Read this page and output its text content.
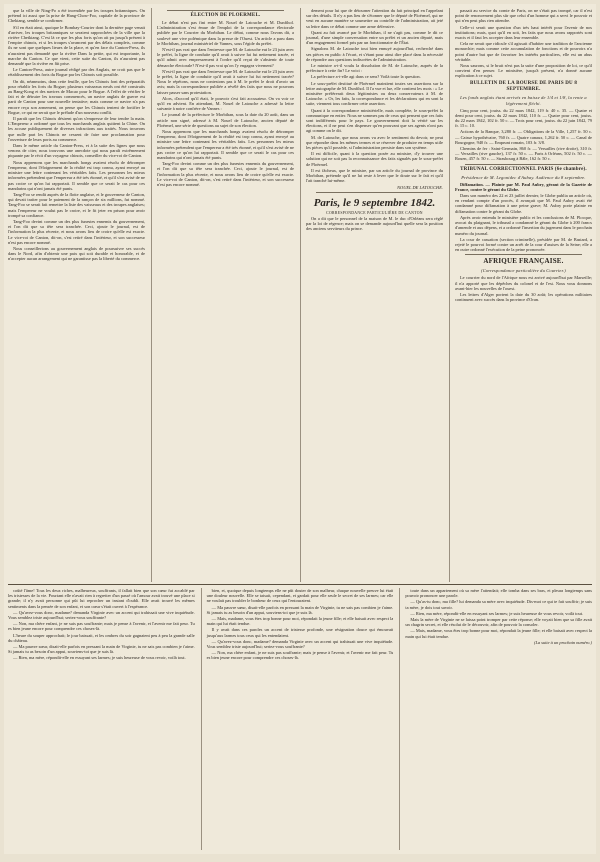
que la ville de Ning-Po a été incendiée par les troupes britanniques. On prétend ici aussi que la prise de Hang-Chow-Foo, capitale de la province de Chekiang, semble se confirmer.

S'il en était ainsi, quoique le Bombay-Courier dont la dernière page venait d'arriver, les troupes britanniques se seraient rapprochées de la ville que la rivière Chetkiang. C'est là ce que les plus forts qu'on ait pu jusqu'à présent à l'empire chinois, et si les troupes s'avancent par des délais complets, comme ils ne sont que quelques lieues de la place, et qu'en face du Canton-Press, ils n'auraient pas demandé que la rivière Dans la petite, qui est importante, la marche du Canton. Ce que vient, cette suite du Canton, ils n'auraient pas demandé que la rivière en fût prise.

Le Canton-Press, autre journal rédigé par des Anglais, ne croit pas que le rétablissement des forts du Bogue par les Chinois soit possible.

On dit, néanmoins, dans cette feuille, que les Chinois font des préparatifs pour rétablir les forts du Bogue; plusieurs vaisseaux neufs ont été construits au Bang-Kong et des navires de Macao pour le Bogue. A l'effet de vérifier le fait et de détruire les travaux commencés, un navire anglais de guerre est parti de Canton pour une nouvelle tentative; mais comme ce navire n'a pas encore reçu son armement, on pense que les Chinois tentent de fortifier le Bogue, ce qui ne serait que le prélude d'un nouveau conflit.

Il paraît que les Chinois désirent qu'on s'empresse de leur tendre la main. L'Empereur a ordonné que tous les marchands anglais quittent la Chine. On les accuse publiquement de diverses infractions aux traités. Nous trouvons que nulle part les Chinois ne cessent de faire une proclamation pour l'ouverture de leurs ports au commerce.

Dans le même article du Canton-Press, et à la suite des lignes que nous venons de citer, nous trouvons une anecdote qui nous paraît extrêmement piquante par le récit d'un voyageur chinois, conseiller du vice-roi de Canton.

Nous apprenons que les marchands hongs avaient résolu de détromper l'empereur, dont l'éloignement de la réalité est trop connu, ayant envoyé au ministre une lettre contenant les véritables faits. Les personnes les mieux informées prétendent que l'empereur a été très étonné, et qu'il s'est avisé de ne pas croire ce qu'on lui rapportait. Il semble que ce serait le cas pour ces mandarins qui n'ont jamais été punis.

Tang-Foo se rendit auprès de la flotte anglaise, et le gouverneur de Canton, qui devait traiter pour le paiement de la rançon de six millions, fut nommé. Tang-Foo se serait fait remettre la liste des vaisseaux et des troupes anglaises; mais l'empereur ne voulut pas le croire, et le fit jeter en prison pour avoir trompé sa confiance.

Tang-Foo devint comme un des plus funestes ennemis du gouvernement, et l'on dit que sa tête sera tranchée. Ceci, ajoute le journal, est de l'information la plus récente, et nous avons lieu de croire qu'elle est exacte. Le vice-roi de Canton, dit-on, s'est retiré dans l'intérieur, et son successeur n'est pas encore nommé.

Nous conseillerions au gouvernement anglais de poursuivre ses succès dans le Nord, afin d'obtenir une paix qui soit durable et honorable, et de n'accepter aucun arrangement qui ne garantisse pas la liberté du commerce.

ÉLECTION DE PLOERMEL.

Le débat n'est pas fini entre M. Nouel de Latouche et M. Dunfihol. L'administration s'est émue de l'emploi de la correspondance électorale publiée par le Courrier du Morbihan. Le débat, comme nous l'avons dit, a soulevé une vive polémique dans la presse de l'Ouest. Un article a paru dans le Morbihan, journal ministériel de Vannes, sous l'égide du préfet.

N'est-il pas vrai que dans l'entrevue que M. de Latouche eut le 23 juin avec le préfet, la ligne de conduite qu'il avait à suivre lui fut nettement tracée, et qu'il admit avec empressement à l'ordre qu'il reçut de s'abstenir de toute démarche électorale? N'est-il pas vrai qu'on l'y engagea vivement?

N'est-il pas vrai que dans l'entrevue que M. de Latouche eut le 23 juin avec le préfet, la ligne de conduite qu'il avait à suivre lui fut nettement tracée? Nous le répétons, nous ne contestons pas à M. le préfet le droit d'avoir un avis; mais la correspondance publiée a révélé des faits que nous ne pouvons laisser passer sans protestation.

Alors, d'accord qu'il était, le pouvoir s'est fait accusateur. On va voir ce qu'il en advient. En attendant, M. Nouel de Latouche a adressé la lettre suivante à notre confrère de Vannes :

Le journal de la préfecture le Morbihan, sous la date du 20 août, dans un article non signé, adressé à M. Nouel de Latouche, ancien député de Ploërmel, une série de questions au sujet de son élection.

Nous apprenons que les marchands hongs avaient résolu de détromper l'empereur, dont l'éloignement de la réalité est trop connu, ayant envoyé au ministre une lettre contenant les véritables faits. Les personnes les mieux informées prétendent que l'empereur a été très étonné, et qu'il s'est avisé de ne pas croire ce qu'on lui rapportait. Il semble que ce serait le cas pour ces mandarins qui n'ont jamais été punis.

Tang-Foo devint comme un des plus funestes ennemis du gouvernement, et l'on dit que sa tête sera tranchée. Ceci, ajoute le journal, est de l'information la plus récente, et nous avons lieu de croire qu'elle est exacte. Le vice-roi de Canton, dit-on, s'est retiré dans l'intérieur, et son successeur n'est pas encore nommé.

dement pour lui que de détourner l'attention du fait principal en l'appelant sur des détails. Il n'y a pas lieu de s'étonner que le député de Ploërmel, qui ne veut en aucune manière se soumettre au contrôle de l'administration, ait jeté sa lettre dans ce débat comme une arme défensive.

Quant au fait avancé par le Morbihan, il ne s'agit pas, comme le dit ce journal, d'une simple conversation entre un préfet et un ancien député, mais d'un engagement formel pris par un fonctionnaire de l'État.

Signalons M. de Latouche tout bien ennuyé aujourd'hui, recherché dans ses pièces en public à l'écart, et s'étant pour ainsi dire placé dans la nécessité de répondre aux questions indiscrètes de l'administration.

Le ministre a-t-il voulu la dissolution de M. de Latouche, auprès de la préfecture à cette fin? Le voici :

La préfecture a-t-elle agi dans ce sens? Voilà toute la question.

Le sous-préfet destitué de Ploërmel maintient toutes ses assertions sur la lettre autographe de M. Dunfihol. Il l'a vue et lue, elle contient les mots : « Le ministère préférerait deux légitimistes ou deux conservateurs à M. de Latouche. » Or, les faits, la correspondance et les déclarations qui en sont la suite, viennent tous confirmer cette assertion.

Quant à la correspondance ministérielle, mais complète, le sous-préfet la communique en entier. Nous ne sommes pas de ceux qui pensent que ces faits sont indifférents pour le pays. Le gouvernement doit la vérité sur les élections, et il ne peut s'en dispenser qu'en prouvant que ses agents n'ont pas agi comme on le dit.

M. de Latouche, que nous avons vu avec le sentiment du devoir, ne peut que répondre dans les mêmes termes et se réserver de produire en temps utile les pièces qu'il possède, si l'administration persiste dans son système.

Il est difficile, quant à la question posée au ministre, d'y trouver une solution qui ne soit pas la reconnaissance des faits signalés par le sous-préfet de Ploërmel.

Il est fâcheux, que le ministre, par un article du journal de province du Morbihan, prétende qu'il ne lui reste à lever que le doute sur le fait et qu'il l'ait tranché lui-même.

NOUEL DE LATOUCHE.
Paris, le 9 septembre 1842.
CORRESPONDANCE PARTICULIÈRE DE CANTON

On a dit que le personnel de la maison de M. le duc d'Orléans sera réglé par la loi de régence; mais on se demande aujourd'hui quelle sera la position des anciens serviteurs du prince.

passait au service du comte de Paris, on ne s'était pas trompé, car il n'est point de renoncement plus sûr que celui d'un homme qui a servi le pouvoir et qui n'en peut plus rien attendre.

Celle-ci serait une question d'un très haut intérêt pour l'avenir de nos institutions; mais, quoi qu'il en soit, les faits que nous avons rapportés sont exacts et il faut les accepter dans leur ensemble.

Cela ne serait que ridicule s'il agissait d'habiter une tradition de l'ancienne monarchie; mais comme cette accumulation de fonctions et de pouvoirs n'a point d'autre but que de favoriser les intérêts particuliers, elle est un abus véritable.

Nous saurons, si le bruit n'est pas la suite d'une proposition de loi, ce qu'il convient d'en penser. Le ministère, jusqu'à présent, n'a donné aucune explication à ce sujet.

BULLETIN DE LA BOURSE DE PARIS DU 8 SEPTEMBRE.
Les fonds anglais étant arrivés en baisse de 1/4 et 1/8, la rente a légèrement fléchi.

Cinq pour cent, jouiss. du 22 mars 1842, 119 fr. 40 c. 35. — Quatre et demi pour cent, jouiss. du 22 mars 1842, 110 fr. — Quatre pour cent, jouiss. du 22 mars 1842, 102 fr. 50 c. — Trois pour cent, jouiss. du 22 juin 1842, 79 fr. 15 c. 10.

Actions de la Banque, 3,280 fr. — Obligations de la Ville, 1,257 fr. 50 c. — Caisse hypothécaire, 760 fr. — Quatre canaux, 1,262 fr. 50 c. — Canal de Bourgogne, 940 fr. — Emprunt romain, 103 fr. 3/8.

Chemins de fer : Saint-Germain, 860 fr. — Versailles (rive droite), 310 fr. — Versailles (rive gauche), 137 fr. 50 c. — Paris à Orléans, 502 fr. 50 c. — Rouen, 457 fr. 50 c. — Strasbourg à Bâle, 162 fr. 50 c.

TRIBUNAL CORRECTIONNEL PARIS (6e chambre).
Présidence de M. Legonidec d'Aubay. Audience du 8 septembre.

Diffamation. — Plainte par M. Paul Aubry, gérant de la Gazette de France, contre le gérant du Globe.

Dans son numéro des 22 et 23 juillet dernier, le Globe publia un article où, en rendant compte d'un procès, il avançait que M. Paul Aubry avait été condamné pour diffamation à une peine grave; M. Aubry porte plainte en diffamation contre le gérant du Globe.

Après avoir entendu le ministère public et les conclusions de M. Plocque, avocat du plaignant, le tribunal a condamné le gérant du Globe à 200 francs d'amende et aux dépens, et a ordonné l'insertion du jugement dans le prochain numéro du journal.

La cour de cassation (section criminelle), présidée par M. de Bastard, a rejeté le pourvoi formé contre un arrêt de la cour d'assises de la Seine; elle a en outre ordonné l'exécution de la peine prononcée.

AFRIQUE FRANÇAISE.
(Correspondance particulière du Courrier.)

Le courrier du nord de l'Afrique nous est arrivé aujourd'hui par Marseille; il n'a apporté que les dépêches du colonel et de l'est. Nous vous donnons avant-hier les nouvelles de l'ouest.

Les lettres d'Alger portent la date du 30 août; les opérations militaires continuent avec succès dans la province d'Oran.

coûté l'âme! Tous les deux riches, malheureux, souffrants, il fallait bien que son cœur fut accablé par les tristesses de la vie. Pourtant elle n'avait rien à regretter d'un passé où l'amour avait trouvé une place si grande; il n'y avait personne qui pût lui reprocher un instant d'oubli. Elle avait trouvé les mêmes sentiments dans la pensée de son enfant, et son cœur s'était ouvert à l'espérance.

— Qu'avez-vous donc, madame? demanda Virginie avec un accent qui trahissait une vive inquiétude. Vous semblez triste aujourd'hui; seriez-vous souffrante?

— Non, ma chère enfant, je ne suis pas souffrante; mais je pense à l'avenir, et l'avenir me fait peur. Tu es bien jeune encore pour comprendre ces choses-là.

L'heure du souper approchait; le jour baissait, et les ombres du soir gagnaient peu à peu la grande salle du château.

— Ma pauvre sœur, disait-elle parfois en pressant la main de Virginie, tu ne sais pas combien je t'aime. Si jamais tu as besoin d'un appui, souviens-toi que je suis là.

— Rien, ma mère, répondit-elle en essuyant ses larmes; je suis heureuse de vous revoir, voilà tout.

bien, et, quoique depuis longtemps elle ne pût douter de son malheur, chaque nouvelle preuve lui était une douleur nouvelle. Elle se taisait, cependant, et gardait pour elle seule le secret de ses larmes; car elle ne voulait pas troubler le bonheur de ceux qui l'entouraient.

— Ma pauvre sœur, disait-elle parfois en pressant la main de Virginie, tu ne sais pas combien je t'aime. Si jamais tu as besoin d'un appui, souviens-toi que je suis là.

— Mais, madame, vous êtes trop bonne pour moi, répondait la jeune fille; et elle baisait avec respect la main qui lui était tendue.

Il y avait dans ces paroles un accent de tristesse profonde, une résignation douce qui émouvait jusqu'aux larmes tous ceux qui les entendaient.

— Qu'avez-vous donc, madame? demanda Virginie avec un accent qui trahissait une vive inquiétude. Vous semblez triste aujourd'hui; seriez-vous souffrante?

— Non, ma chère enfant, je ne suis pas souffrante; mais je pense à l'avenir, et l'avenir me fait peur. Tu es bien jeune encore pour comprendre ces choses-là.

toute dans un appartement où sa mère l'attendait; elle tomba dans ses bras, et pleura longtemps sans pouvoir prononcer une parole.

— Qu'as-tu donc, ma fille? lui demanda sa mère avec inquiétude. Dis-moi ce qui te fait souffrir; je suis ta mère, je dois tout savoir.

— Rien, ma mère, répondit-elle en essuyant ses larmes; je suis heureuse de vous revoir, voilà tout.

Mais la mère de Virginie ne se laissa point tromper par cette réponse; elle voyait bien que sa fille avait un chagrin secret, et elle résolut de le découvrir, afin de pouvoir la consoler.

— Mais, madame, vous êtes trop bonne pour moi, répondait la jeune fille; et elle baisait avec respect la main qui lui était tendue.

(La suite à un prochain numéro.)
